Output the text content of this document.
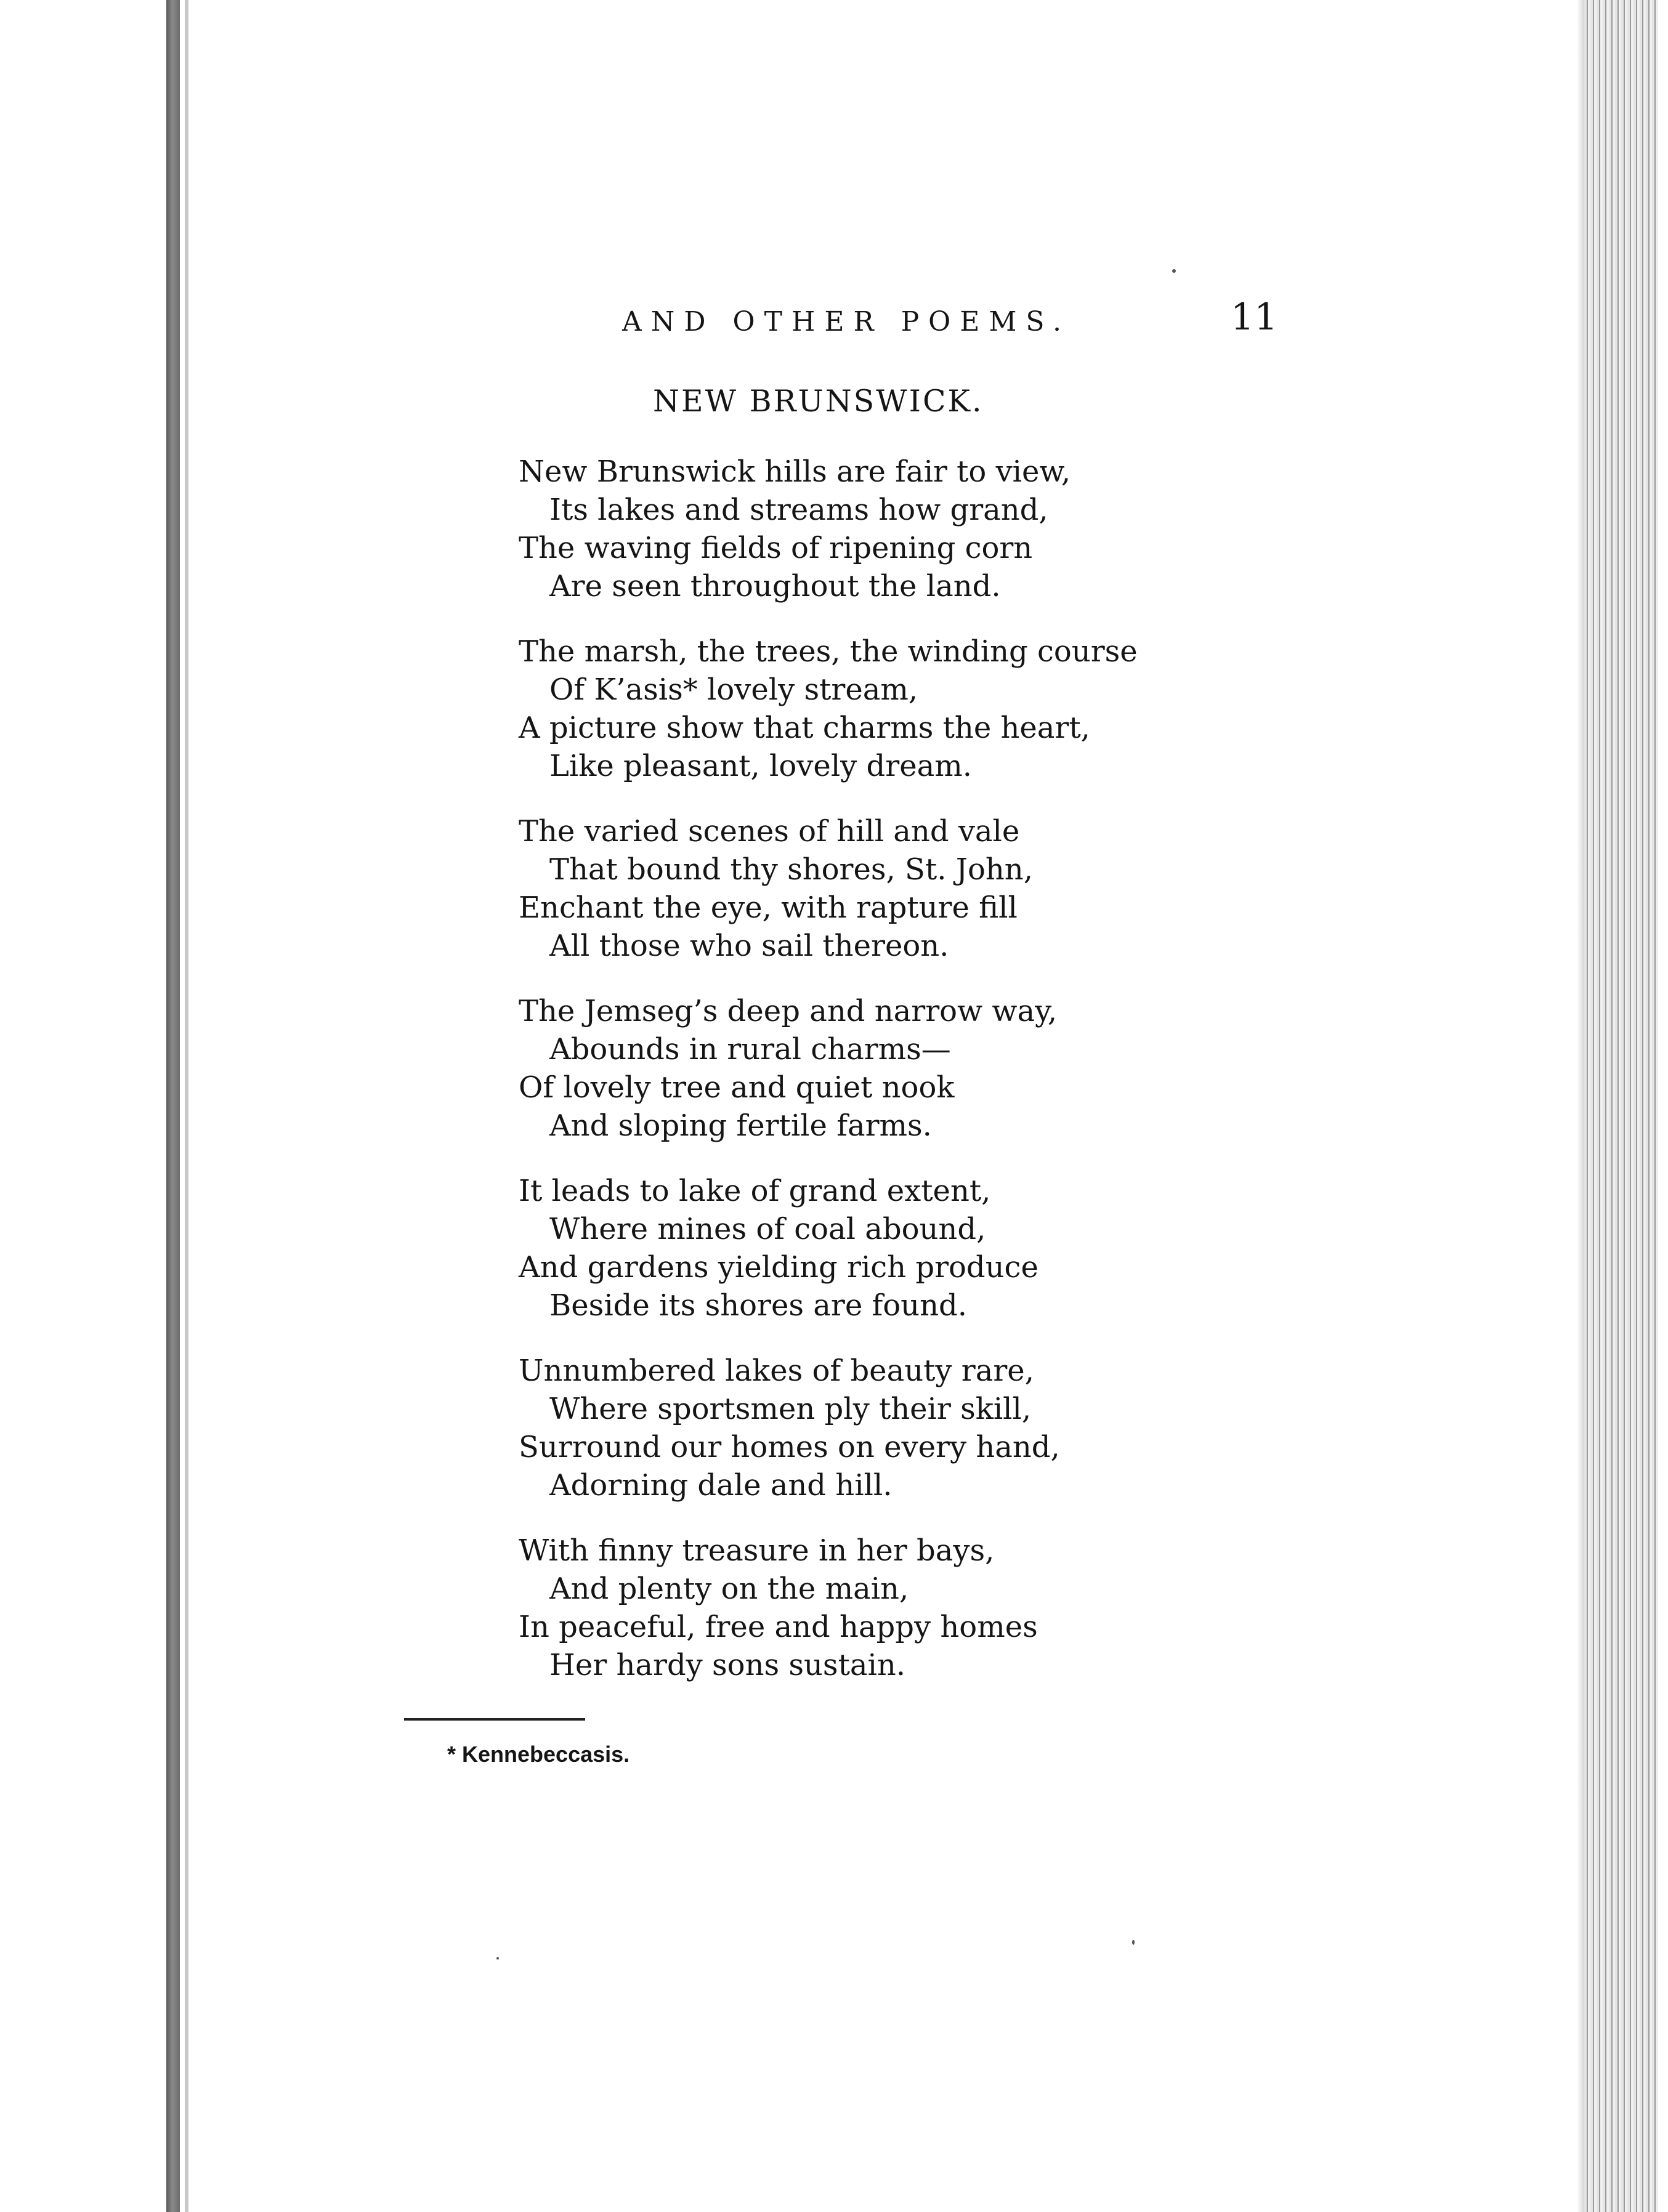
AND OTHER POEMS.	11
NEW BRUNSWICK.
New Brunswick hills are fair to view,
Its lakes and streams how grand,
The waving fields of ripening corn
Are seen throughout the land.
The marsh, the trees, the winding course
Of K’asis* lovely stream,
A picture show that charms the heart,
Like pleasant, lovely dream.
The varied scenes of hill and vale
That bound thy shores, St. John,
Enchant the eye, with rapture fill
All those who sail thereon.
The Jemseg’s deep and narrow way,
Abounds in rural charms—
Of lovely tree and quiet nook
And sloping fertile farms.
It leads to lake of grand extent,
Where mines of coal abound,
And gardens yielding rich produce
Beside its shores are found.
Unnumbered lakes of beauty rare,
Where sportsmen ply their skill,
Surround our homes on every hand,
Adorning dale and hill.
With finny treasure in her bays,
And plenty on the main,
In peaceful, free and happy homes
Her hardy sons sustain.
* Kennebeccasis.
